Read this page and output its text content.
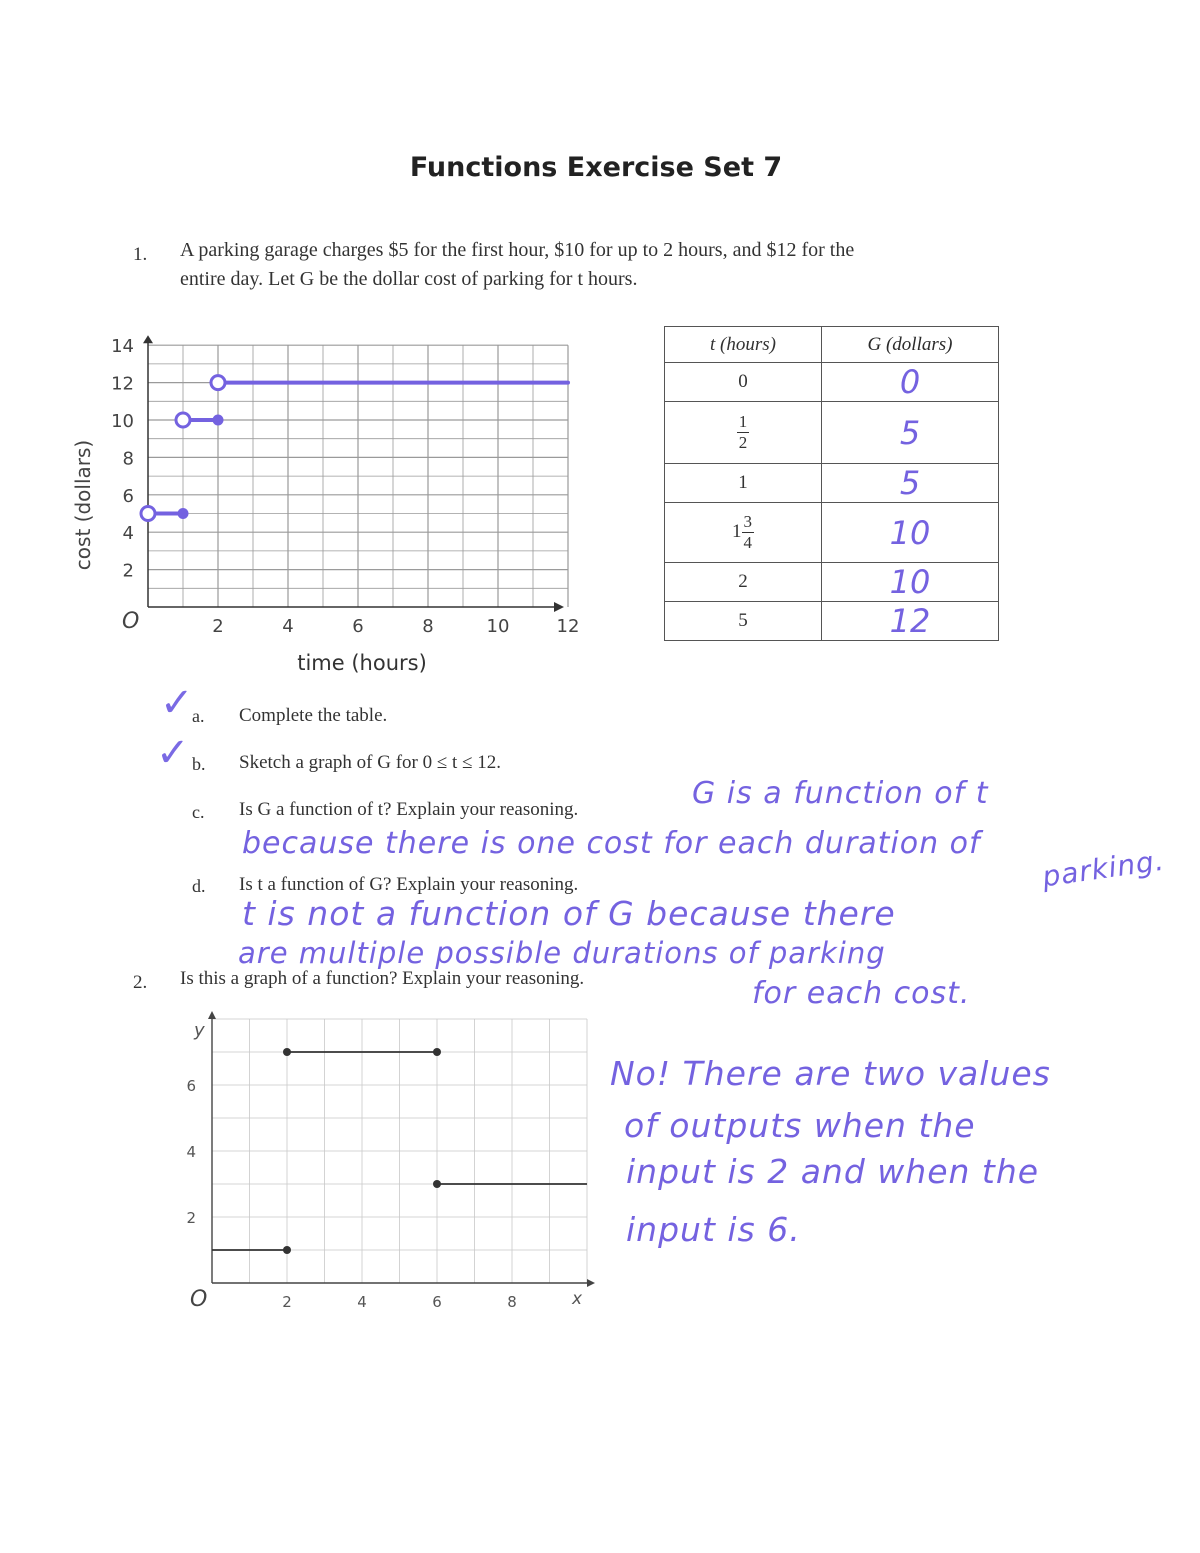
Functions Exercise Set 7
1. A parking garage charges $5 for the first hour, $10 for up to 2 hours, and $12 for the
entire day. Let G be the dollar cost of parking for t hours.
14
12
10
8
6
4
2
2	4	6	8	10	12
cost (dollars)
time (hours)
O
t (hours)	G (dollars)
0	0

$\frac{1}{2}$	5
1	5
$1 \frac{3}{4}$	10
2	10
5	12
✓
✓
a. Complete the table.
b. Sketch a graph of G for 0 ≤ t ≤ 12.
c. Is G a function of t? Explain your reasoning.
d. Is t a function of G? Explain your reasoning.
G is a function of t
because there is one cost for each duration of
parking.
t is not a function of G because there
are multiple possible durations of parking
for each cost.
2. Is this a graph of a function? Explain your reasoning.
6
4
2
2	4	6	8
y
x
O
No! There are two values
of outputs when the
input is 2 and when the
input is 6.
